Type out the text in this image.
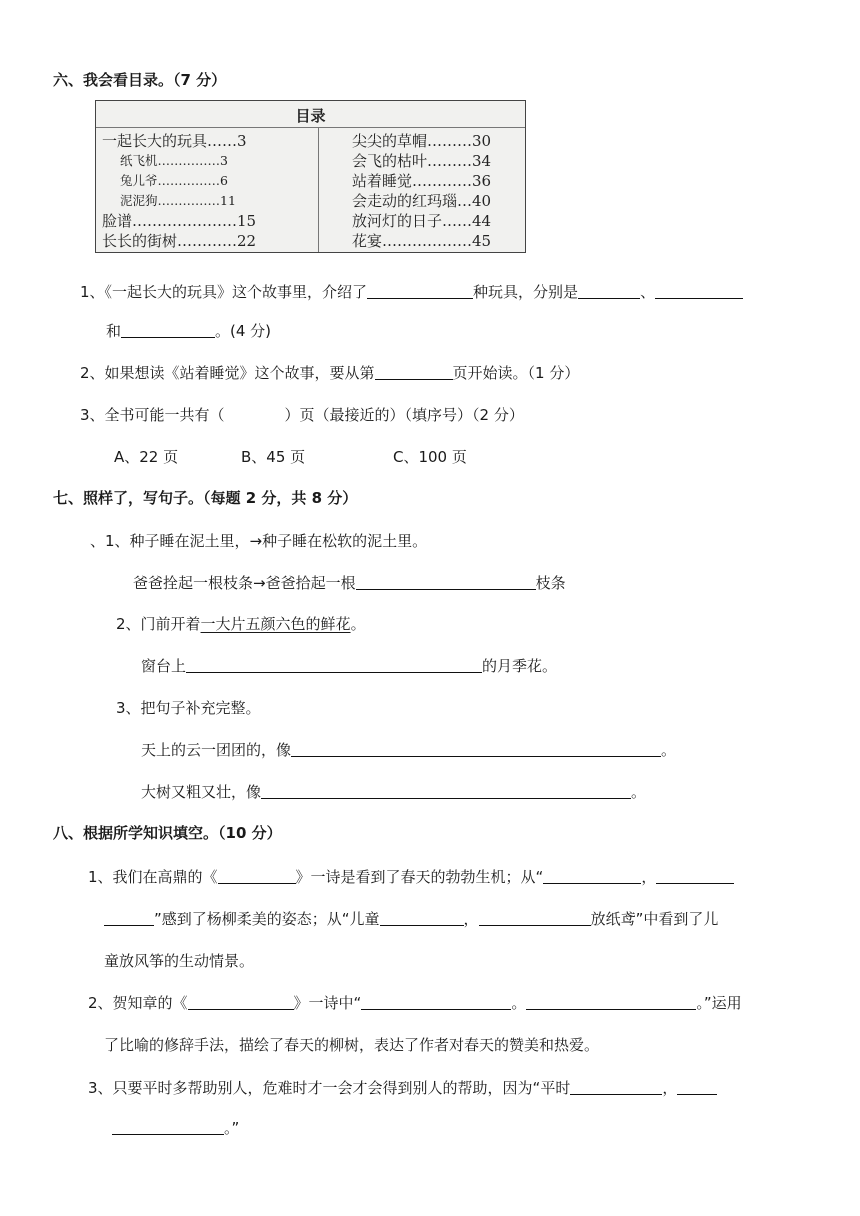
六、我会看目录。（7 分）
目录
一起长大的玩具……3
纸飞机……………3
兔儿爷……………6
泥泥狗……………11
脸谱…………………15
长长的街树…………22
尖尖的草帽………30
会飞的枯叶………34
站着睡觉…………36
会走动的红玛瑙…40
放河灯的日子……44
花宴………………45
1、《一起长大的玩具》这个故事里，介绍了	种玩具，分别是	、
和	。(4 分)
2、如果想读《站着睡觉》这个故事，要从第	页开始读。（1 分）
3、全书可能一共有（　　　　）页（最接近的）（填序号）（2 分）
A、22 页	B、45 页	C、100 页
七、照样了，写句子。（每题 2 分，共 8 分）
、1、种子睡在泥土里，→种子睡在松软的泥土里。
爸爸拴起一根枝条→爸爸拾起一根	枝条
2、门前开着一大片五颜六色的鲜花。
窗台上	的月季花。
3、把句子补充完整。
天上的云一团团的，像	。
大树又粗又壮，像	。
八、根据所学知识填空。（10 分）
1、我们在高鼎的《	》一诗是看到了春天的勃勃生机；从“	，
”感到了杨柳柔美的姿态；从“儿童	，	放纸鸢”中看到了儿
童放风筝的生动情景。
2、贺知章的《	》一诗中“	。	。”运用
了比喻的修辞手法，描绘了春天的柳树，表达了作者对春天的赞美和热爱。
3、只要平时多帮助别人，危难时才一会才会得到别人的帮助，因为“平时	，
。”
